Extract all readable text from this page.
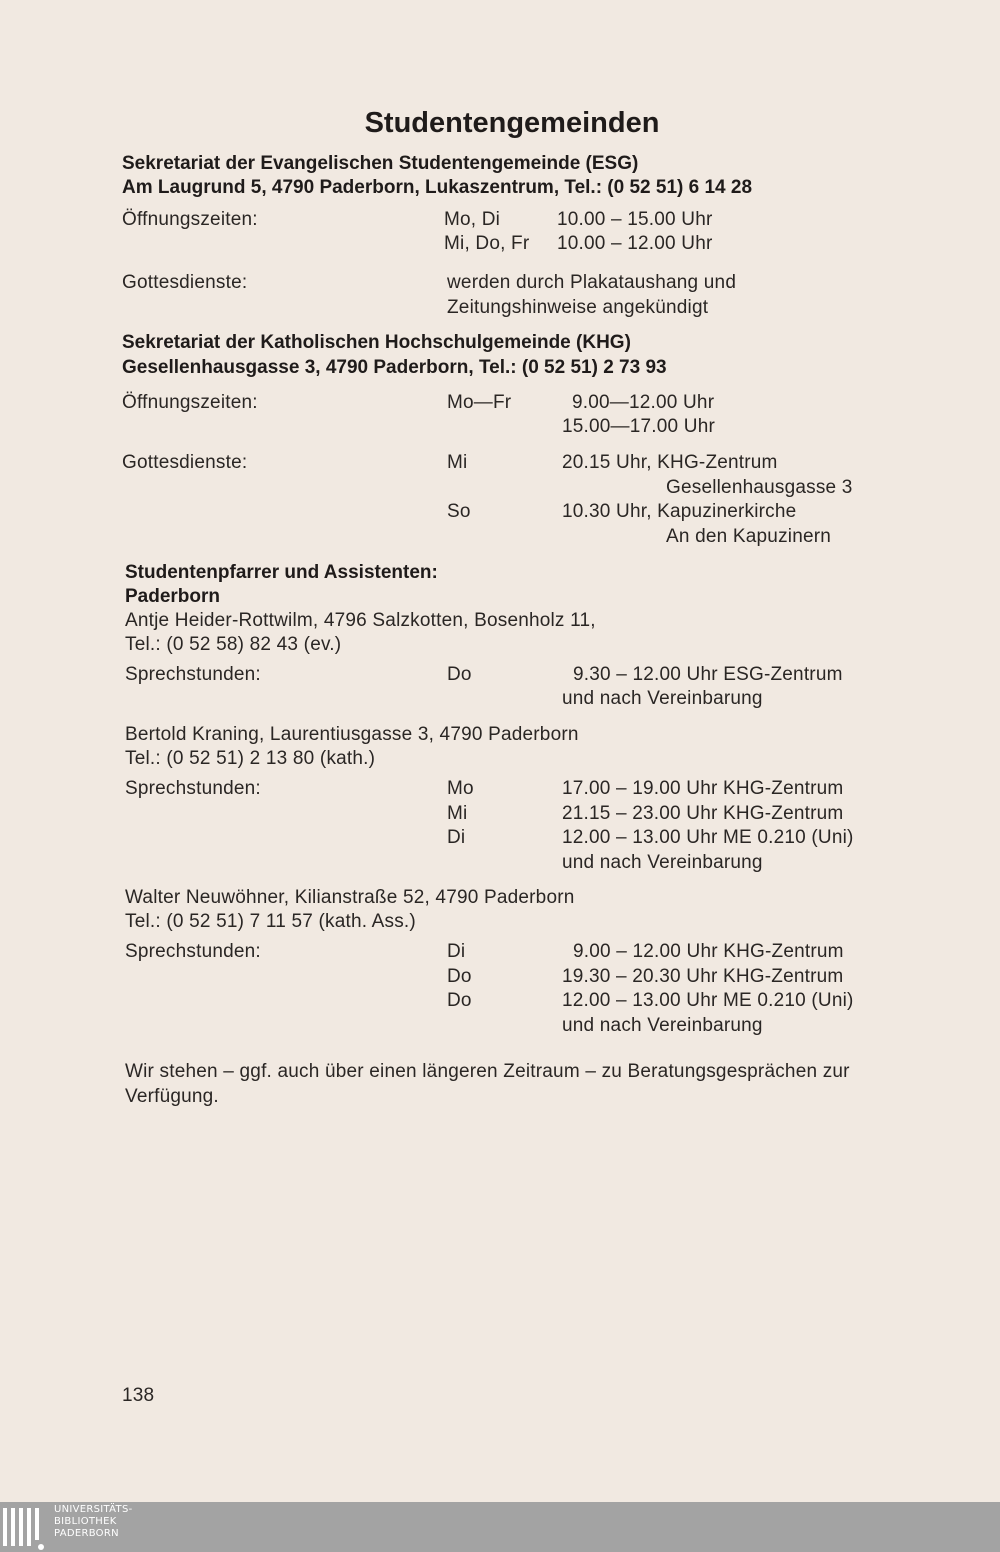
Studentengemeinden
Sekretariat der Evangelischen Studentengemeinde (ESG)
Am Laugrund 5, 4790 Paderborn, Lukaszentrum, Tel.: (0 52 51) 6 14 28
Öffnungszeiten:	Mo, Di	10.00 – 15.00 Uhr
Mi, Do, Fr 10.00 – 12.00 Uhr
Gottesdienste:	werden durch Plakataushang und
Zeitungshinweise angekündigt
Sekretariat der Katholischen Hochschulgemeinde (KHG)
Gesellenhausgasse 3, 4790 Paderborn, Tel.: (0 52 51) 2 73 93
Öffnungszeiten:	Mo—Fr	9.00—12.00 Uhr
15.00—17.00 Uhr
Gottesdienste:	Mi	20.15 Uhr, KHG-Zentrum
Gesellenhausgasse 3
So	10.30 Uhr, Kapuzinerkirche
An den Kapuzinern
Studentenpfarrer und Assistenten:
Paderborn
Antje Heider-Rottwilm, 4796 Salzkotten, Bosenholz 11,
Tel.: (0 52 58) 82 43 (ev.)
Sprechstunden:	Do	9.30 – 12.00 Uhr ESG-Zentrum
und nach Vereinbarung
Bertold Kraning, Laurentiusgasse 3, 4790 Paderborn
Tel.: (0 52 51) 2 13 80 (kath.)
Sprechstunden:	Mo	17.00 – 19.00 Uhr KHG-Zentrum
Mi	21.15 – 23.00 Uhr KHG-Zentrum
Di	12.00 – 13.00 Uhr ME 0.210 (Uni)
und nach Vereinbarung
Walter Neuwöhner, Kilianstraße 52, 4790 Paderborn
Tel.: (0 52 51) 7 11 57 (kath. Ass.)
Sprechstunden:	Di	9.00 – 12.00 Uhr KHG-Zentrum
Do	19.30 – 20.30 Uhr KHG-Zentrum
Do	12.00 – 13.00 Uhr ME 0.210 (Uni)
und nach Vereinbarung
Wir stehen – ggf. auch über einen längeren Zeitraum – zu Beratungsgesprächen zur
Verfügung.
138
UNIVERSITÄTS-
BIBLIOTHEK
PADERBORN
